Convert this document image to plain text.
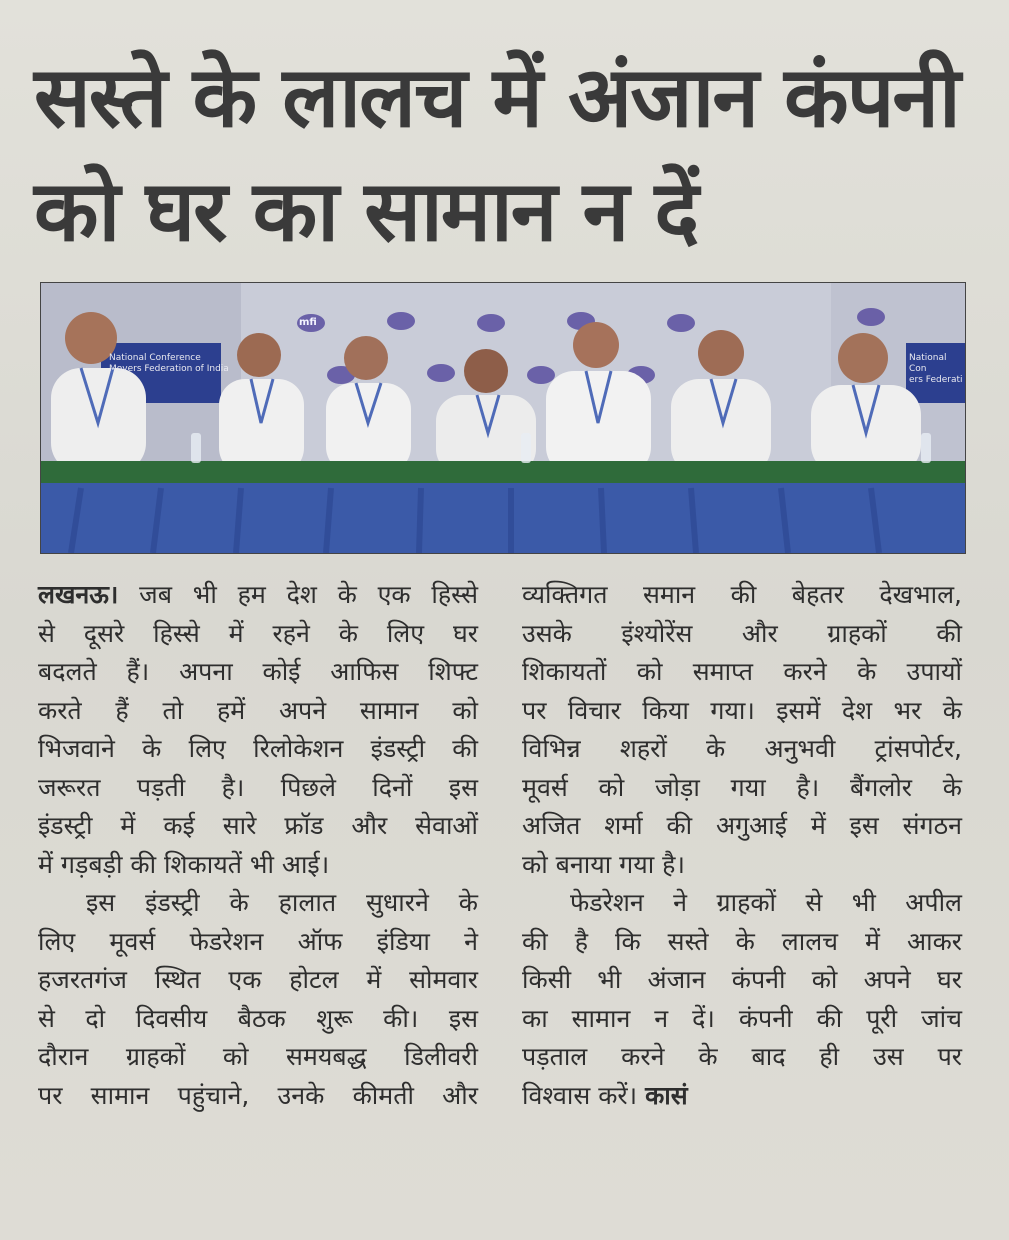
सस्ते के लालच में अंजान कंपनी
को घर का सामान न दें
National Conference
Movers Federation of India
National Con
ers Federati
mfi
लखनऊ। जब भी हम देश के एक हिस्से
से दूसरे हिस्से में रहने के लिए घर
बदलते हैं। अपना कोई आफिस शिफ्ट
करते हैं तो हमें अपने सामान को
भिजवाने के लिए रिलोकेशन इंडस्ट्री की
जरूरत पड़ती है। पिछले दिनों इस
इंडस्ट्री में कई सारे फ्रॉड और सेवाओं
में गड़बड़ी की शिकायतें भी आई।
इस इंडस्ट्री के हालात सुधारने के
लिए मूवर्स फेडरेशन ऑफ इंडिया ने
हजरतगंज स्थित एक होटल में सोमवार
से दो दिवसीय बैठक शुरू की। इस
दौरान ग्राहकों को समयबद्ध डिलीवरी
पर सामान पहुंचाने, उनके कीमती और
व्यक्तिगत समान की बेहतर देखभाल,
उसके इंश्योरेंस और ग्राहकों की
शिकायतों को समाप्त करने के उपायों
पर विचार किया गया। इसमें देश भर के
विभिन्न शहरों के अनुभवी ट्रांसपोर्टर,
मूवर्स को जोड़ा गया है। बैंगलोर के
अजित शर्मा की अगुआई में इस संगठन
को बनाया गया है।
फेडरेशन ने ग्राहकों से भी अपील
की है कि सस्ते के लालच में आकर
किसी भी अंजान कंपनी को अपने घर
का सामान न दें। कंपनी की पूरी जांच
पड़ताल करने के बाद ही उस पर
विश्वास करें। कासं
